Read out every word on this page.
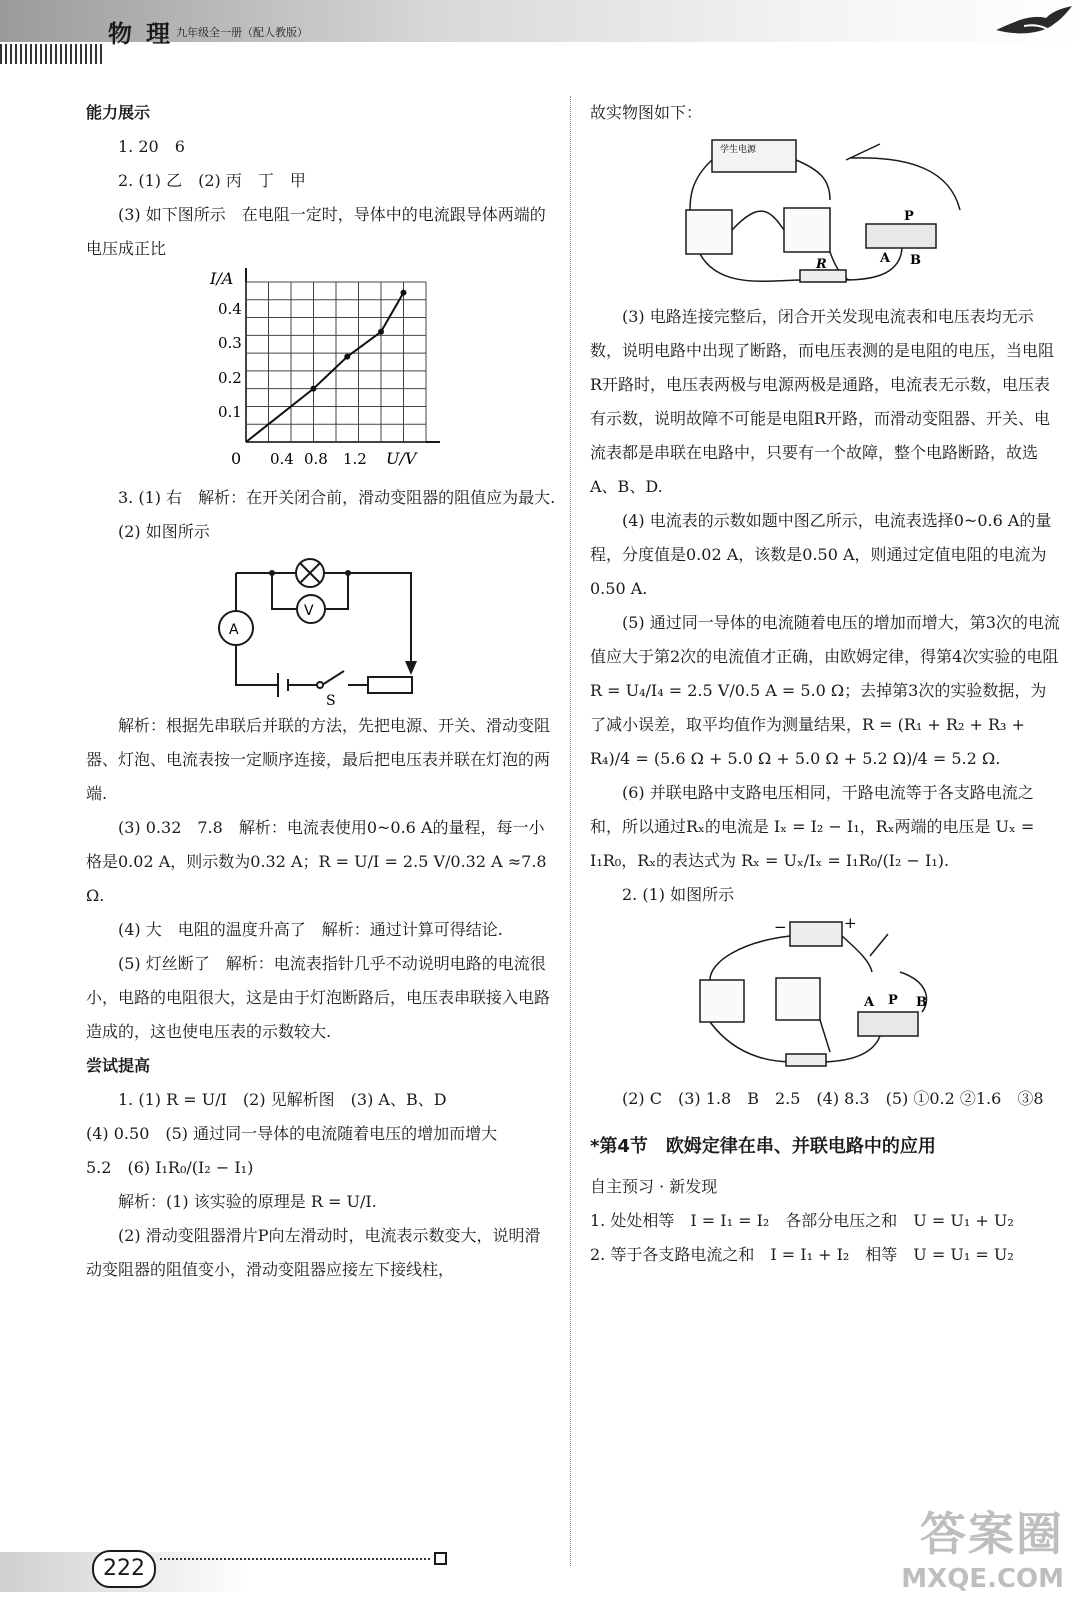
物理
九年级全一册（配人教版）

能力展示

1. 20　6

2. (1) 乙　(2) 丙　丁　甲

(3) 如下图所示　在电阻一定时，导体中的电流跟导体两端的电压成正比

I/A
U/V
0
0.1
0.2
0.3
0.4
0.4 0.8 1.2

3. (1) 右　解析：在开关闭合前，滑动变阻器的阻值应为最大.

(2) 如图所示

V
A
S

解析：根据先串联后并联的方法，先把电源、开关、滑动变阻器、灯泡、电流表按一定顺序连接，最后把电压表并联在灯泡的两端.

(3) 0.32　7.8　解析：电流表使用0~0.6 A的量程，每一小格是0.02 A，则示数为0.32 A；R = U/I = 2.5 V/0.32 A ≈7.8 Ω.

(4) 大　电阻的温度升高了　解析：通过计算可得结论.

(5) 灯丝断了　解析：电流表指针几乎不动说明电路的电流很小，电路的电阻很大，这是由于灯泡断路后，电压表串联接入电路造成的，这也使电压表的示数较大.

尝试提高

1. (1) R = U/I　(2) 见解析图　(3) A、B、D

(4) 0.50　(5) 通过同一导体的电流随着电压的增加而增大

5.2　(6) I₁R₀/(I₂ − I₁)

解析：(1) 该实验的原理是 R = U/I.

(2) 滑动变阻器滑片P向左滑动时，电流表示数变大，说明滑动变阻器的阻值变小，滑动变阻器应接左下接线柱，

故实物图如下：

学生电源
P
A B
R

(3) 电路连接完整后，闭合开关发现电流表和电压表均无示数，说明电路中出现了断路，而电压表测的是电阻的电压，当电阻R开路时，电压表两极与电源两极是通路，电流表无示数，电压表有示数，说明故障不可能是电阻R开路，而滑动变阻器、开关、电流表都是串联在电路中，只要有一个故障，整个电路断路，故选A、B、D.

(4) 电流表的示数如题中图乙所示，电流表选择0~0.6 A的量程，分度值是0.02 A，该数是0.50 A，则通过定值电阻的电流为0.50 A.

(5) 通过同一导体的电流随着电压的增加而增大，第3次的电流值应大于第2次的电流值才正确，由欧姆定律，得第4次实验的电阻 R = U₄/I₄ = 2.5 V/0.5 A = 5.0 Ω；去掉第3次的实验数据，为了减小误差，取平均值作为测量结果，R = (R₁ + R₂ + R₃ + R₄)/4 = (5.6 Ω + 5.0 Ω + 5.0 Ω + 5.2 Ω)/4 = 5.2 Ω.

(6) 并联电路中支路电压相同，干路电流等于各支路电流之和，所以通过Rₓ的电流是 Iₓ = I₂ − I₁，Rₓ两端的电压是 Uₓ = I₁R₀，Rₓ的表达式为 Rₓ = Uₓ/Iₓ = I₁R₀/(I₂ − I₁).

2. (1) 如图所示

−	+
A P B

(2) C　(3) 1.8　B　2.5　(4) 8.3　(5) ①0.2 ②1.6　③8

*第4节　欧姆定律在串、并联电路中的应用

自主预习 · 新发现

1. 处处相等　I = I₁ = I₂　各部分电压之和　U = U₁ + U₂

2. 等于各支路电流之和　I = I₁ + I₂　相等　U = U₁ = U₂

222
答案圈
MXQE.COM
